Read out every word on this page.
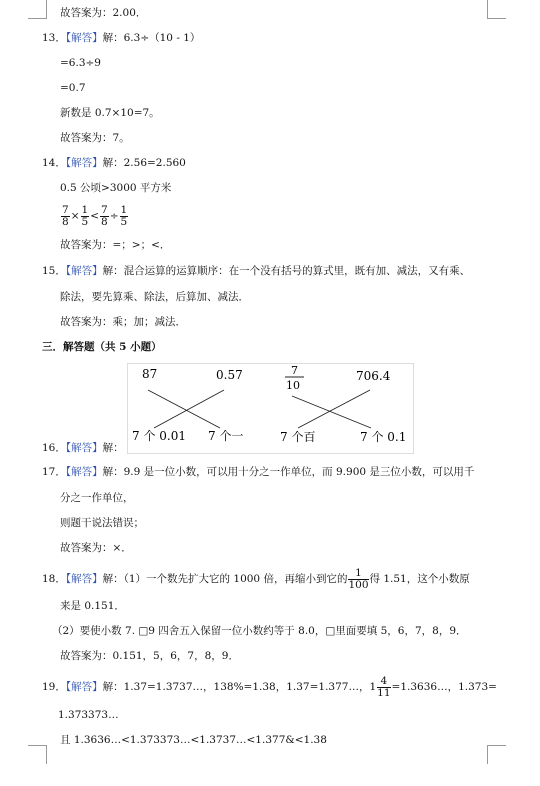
故答案为：2.00．
13．【解答】解：6.3÷（10 - 1）
=6.3÷9
=0.7
新数是 0.7×10=7。
故答案为：7。
14．【解答】解：2.56=2.560
0.5 公顷>3000 平方米
$\frac{7}{8} \times \frac{1}{5} < \frac{7}{8} \div \frac{1}{5}$
故答案为：=；>；<．
15．【解答】解：混合运算的运算顺序：在一个没有括号的算式里，既有加、减法，又有乘、
除法，要先算乘、除法，后算加、减法．
故答案为：乘；加；减法．
三．解答题（共 5 小题）
87	0.57
7 个 0.01 7 个一
7
10
706.4
7 个百	7 个 0.1
16．【解答】解：
17．【解答】解：9.9 是一位小数，可以用十分之一作单位，而 9.900 是三位小数，可以用千
分之一作单位，
则题干说法错误；
故答案为：×．
18．【解答】解：（1）一个数先扩大它的 1000 倍，再缩小到它的 $\frac{1}{100}$ 得 1.51，这个小数原
来是 0.151．
（2）要使小数 7. □9 四舍五入保留一位小数约等于 8.0，□里面要填 5，6，7，8，9．
故答案为：0.151，5，6，7，8，9．
19．【解答】解：1.37=1.3737…，138%=1.38，1.37=1.377…，$1 \frac{4}{11}$ =1.3636…，1.373=
1.373373…
且 1.3636…<1.373373…<1.3737…<1.377&<1.38
